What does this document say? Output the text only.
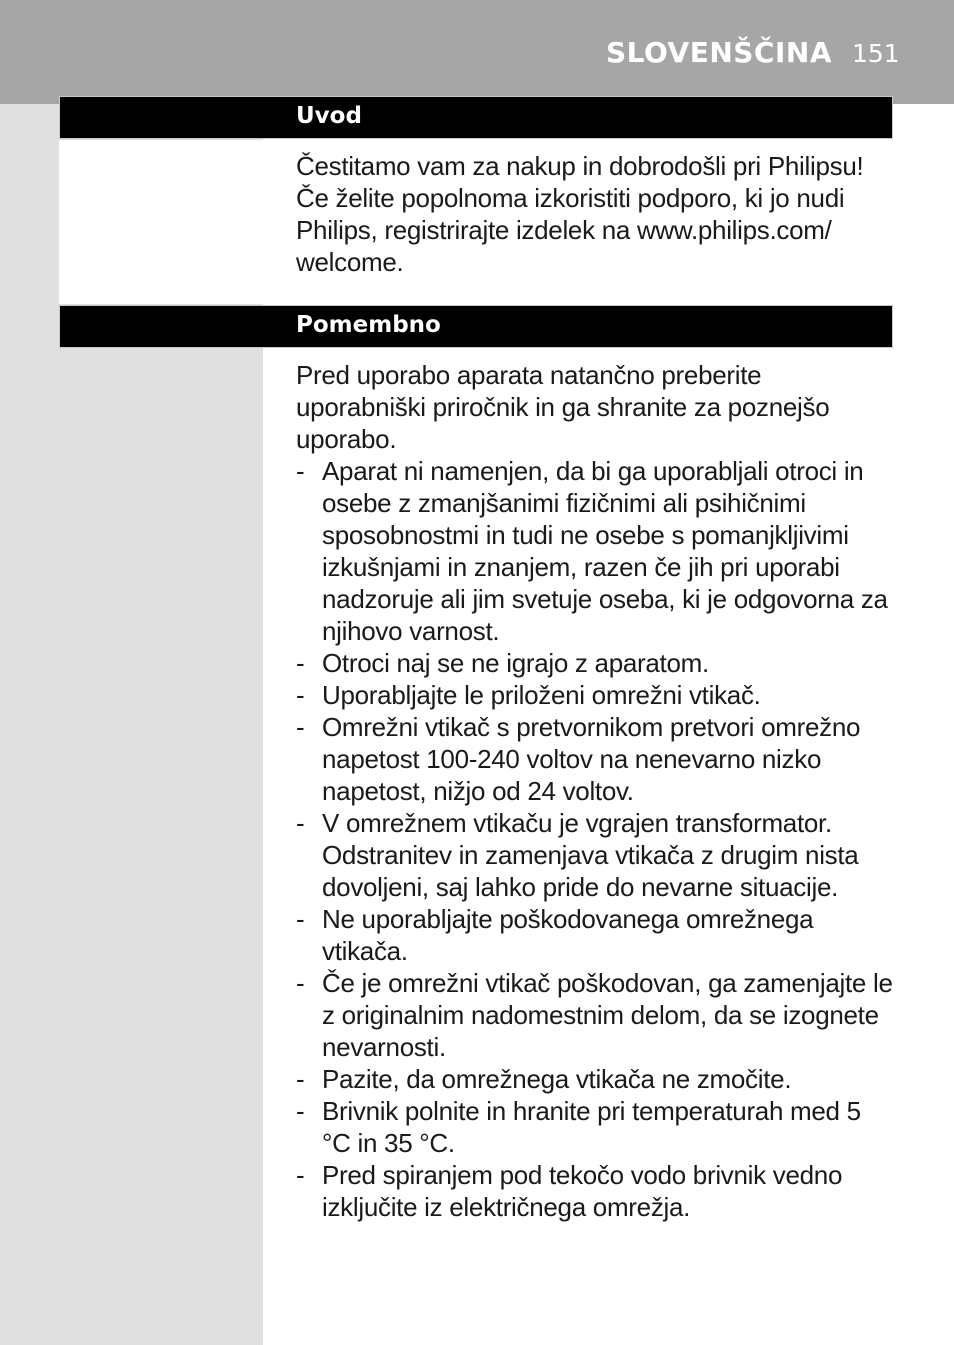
SLOVENŠČINA 151
Uvod

Čestitamo vam za nakup in dobrodošli pri Philipsu! Če želite popolnoma izkoristiti podporo, ki jo nudi Philips, registrirajte izdelek na www.philips.com/ welcome.

Pomembno

Pred uporabo aparata natančno preberite uporabniški priročnik in ga shranite za poznejšo uporabo.

- Aparat ni namenjen, da bi ga uporabljali otroci in osebe z zmanjšanimi fizičnimi ali psihičnimi sposobnostmi in tudi ne osebe s pomanjkljivimi izkušnjami in znanjem, razen če jih pri uporabi nadzoruje ali jim svetuje oseba, ki je odgovorna za njihovo varnost.
- Otroci naj se ne igrajo z aparatom.
- Uporabljajte le priloženi omrežni vtikač.
- Omrežni vtikač s pretvornikom pretvori omrežno napetost 100-240 voltov na nenevarno nizko napetost, nižjo od 24 voltov.
- V omrežnem vtikaču je vgrajen transformator. Odstranitev in zamenjava vtikača z drugim nista dovoljeni, saj lahko pride do nevarne situacije.
- Ne uporabljajte poškodovanega omrežnega vtikača.
- Če je omrežni vtikač poškodovan, ga zamenjajte le z originalnim nadomestnim delom, da se izognete nevarnosti.
- Pazite, da omrežnega vtikača ne zmočite.
- Brivnik polnite in hranite pri temperaturah med 5 °C in 35 °C.
- Pred spiranjem pod tekočo vodo brivnik vedno izključite iz električnega omrežja.
